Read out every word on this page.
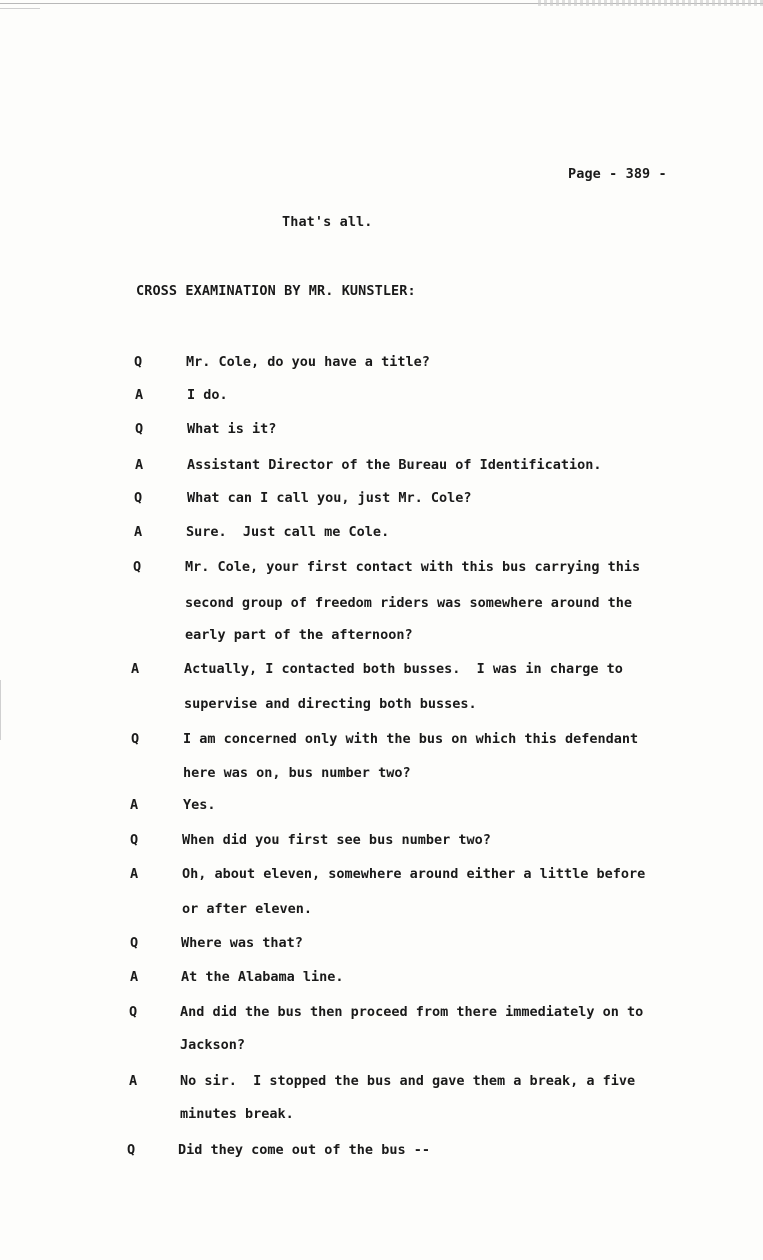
Page - 389 -
That's all.
CROSS EXAMINATION BY MR. KUNSTLER:
Q	Mr. Cole, do you have a title?
A	I do.
Q	What is it?
A	Assistant Director of the Bureau of Identification.
Q	What can I call you, just Mr. Cole?
A	Sure.  Just call me Cole.
Q	Mr. Cole, your first contact with this bus carrying this
second group of freedom riders was somewhere around the
early part of the afternoon?
A	Actually, I contacted both busses.  I was in charge to
supervise and directing both busses.
Q	I am concerned only with the bus on which this defendant
here was on, bus number two?
A	Yes.
Q	When did you first see bus number two?
A	Oh, about eleven, somewhere around either a little before
or after eleven.
Q	Where was that?
A	At the Alabama line.
Q	And did the bus then proceed from there immediately on to
Jackson?
A	No sir.  I stopped the bus and gave them a break, a five
minutes break.
Q	Did they come out of the bus --
